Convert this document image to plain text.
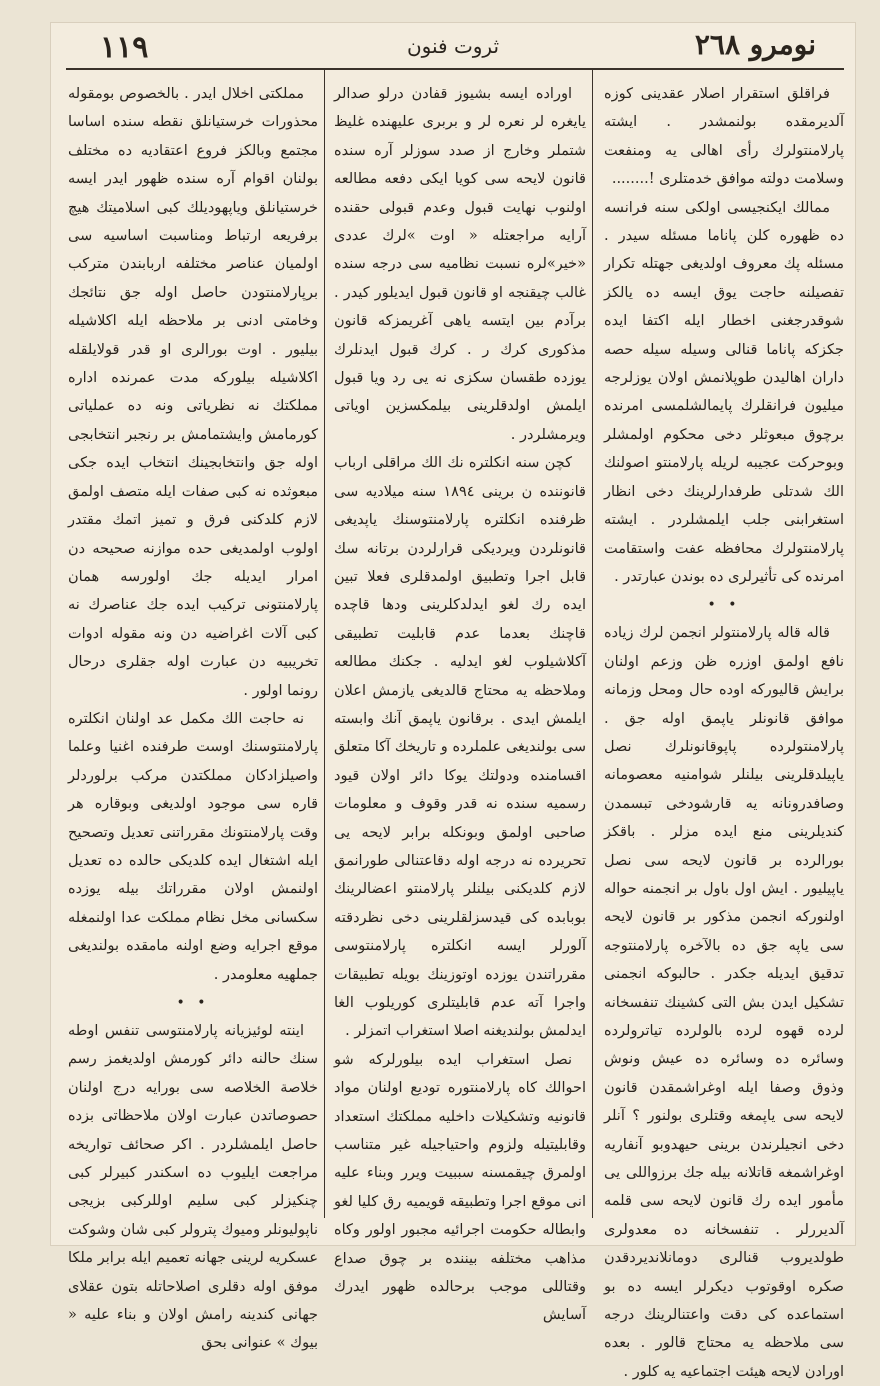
١١٩	ثروت فنون	نومرو ٢٦٨

فراقلق استقرار اصلار عقدینی کوزه آلدیرمقده بولنمشدر . ایشته پارلامنتولرك رأی اهالی یه ومنفعت وسلامت دولته موافق خدمتلری !........

ممالك ایکنجیسی اولکی سنه فرانسه ده ظهوره کلن پاناما مسئله سیدر . مسئله پك معروف اولدیغی جهتله تکرار تفصیلنه حاجت یوق ایسه ده یالکز شوقدرجغنی اخطار ایله اکتفا ایده جکزکه پاناما قنالی وسیله سیله حصه داران اهالیدن طوپلانمش اولان یوزلرجه میلیون فرانقلرك پایمالشلمسی امرنده برچوق مبعوثلر دخی محکوم اولمشلر وبوحرکت عجیبه لریله پارلامنتو اصولنك الك شدتلی طرفدارلرینك دخی انظار استغرابنی جلب ایلمشلردر . ایشته پارلامنتولرك محافظه عفت واستقامت امرنده کی تأثیرلری ده بوندن عبارتدر .

• •

قاله قاله پارلامنتولر انجمن لرك زیاده نافع اولمق اوزره ظن وزعم اولنان برایش قالیورکه اوده حال ومحل وزمانه موافق قانونلر یاپمق اوله جق . پارلامنتولرده پاپوقانونلرك نصل یاپیلدقلرینی بیلنلر شوامنیه معصومانه وصافدرونانه یه قارشودخی تبسمدن کندیلرینی منع ایده مزلر . باقکز بورالرده بر قانون لایحه سی نصل یاپیلیور . ایش اول باول بر انجمنه حواله اولنورکه انجمن مذکور بر قانون لایحه سی یاپه جق ده بالآخره پارلامنتوجه تدقیق ایدیله جکدر . حالبوکه انجمنی تشکیل ایدن بش التی کشینك تنفسخانه لرده قهوه لرده بالولرده تیاترولرده وسائره ده وسائره ده عیش ونوش وذوق وصفا ایله اوغراشمقدن قانون لایحه سی یاپمغه وقتلری بولنور ؟ آنلر دخی انجیلرندن برینی حیهدوبو آنفاریه اوغراشمغه قاتلانه بیله جك برزواللی یی مأمور ایده رك قانون لایحه سی قلمه آلدیررلر . تنفسخانه ده معدولری طولدیروب قنالری دومانلاندیردقدن صکره اوقوتوب دیکرلر ایسه ده بو استماعده کی دقت واعتنالرینك درجه سی ملاحظه یه محتاج قالور . بعده اورادن لایحه هیئت اجتماعیه یه کلور .

اوراده ایسه بشیوز قفادن درلو صدالر یایغره لر نعره لر و بربری علیهنده غلیظ شتملر وخارج از صدد سوزلر آره سنده قانون لایحه سی کویا ایکی دفعه مطالعه اولنوب نهایت قبول وعدم قبولی حقنده آرایه مراجعتله « اوت »لرك عددی «خیر»لره نسبت نظامیه سی درجه سنده غالب چیقنجه او قانون قبول ایدیلور کیدر . برآدم بین ایتسه یاهی آغریمزکه قانون مذکوری کرك ر . کرك قبول ایدنلرك یوزده طقسان سکزی نه یی رد ویا قبول ایلمش اولدقلرینی بیلمکسزین اویاتی ویرمشلردر .

کچن سنه انکلتره نك الك مراقلی ارباب قانوننده ن برینی ١٨٩٤ سنه میلادیه سی ظرفنده انکلتره پارلامنتوسنك یاپدیغی قانونلردن ویردیکی قرارلردن برتانه سك قابل اجرا وتطبیق اولمدقلری فعلا تبین ایده رك لغو ایدلدکلرینی ودها قاچده قاچنك بعدما عدم قابلیت تطبیقی آکلاشیلوب لغو ایدلیه . جکنك مطالعه وملاحظه یه محتاج قالدیغی یازمش اعلان ایلمش ایدی . برقانون یاپمق آنك وابسته سی بولندیغی علملرده و تاریخك آکا متعلق اقسامنده ودولتك یوکا دائر اولان قیود رسمیه سنده نه قدر وقوف و معلومات صاحبی اولمق وبونکله برابر لایحه یی تحریرده نه درجه اوله دقاعتنالی طورانمق لازم کلدیکنی بیلنلر پارلامنتو اعضالرینك بوبابده کی قیدسزلقلرینی دخی نظردقته آلورلر ایسه انکلتره پارلامنتوسی مقرراتندن یوزده اوتوزینك بویله تطبیقات واجرا آته عدم قابلیتلری کوریلوب الغا ایدلمش بولندیغنه اصلا استغراب اتمزلر .

نصل استغراب ایده بیلورلرکه شو احوالك کاه پارلامنتوره تودیع اولنان مواد قانونیه وتشکیلات داخلیه مملکتك استعداد وقابلیتیله ولزوم واحتیاجیله غیر متناسب اولمرق چیقمسنه سببیت ویرر وبناء علیه انی موقع اجرا وتطبیقه قویمیه رق کلیا لغو وابطاله حکومت اجرائیه مجبور اولور وکاه مذاهب مختلفه بیننده بر چوق صداع وقتاللی موجب برحالده ظهور ایدرك آسایش

مملکتی اخلال ایدر . بالخصوص بومقوله محذورات خرستیانلق نقطه سنده اساسا مجتمع وبالکز فروع اعتقادیه ده مختلف بولنان اقوام آره سنده ظهور ایدر ایسه خرستیانلق ویاپهودیلك کبی اسلامیتك هیچ برفریعه ارتباط ومناسبت اساسیه سی اولمیان عناصر مختلفه اربابندن مترکب برپارلامنتودن حاصل اوله جق نتائجك وخامتی ادنی بر ملاحظه ایله اکلاشیله بیلیور . اوت بورالری او قدر قولایلقله اکلاشیله بیلورکه مدت عمرنده اداره مملکتك نه نظریاتی ونه ده عملیاتی کورمامش وایشتمامش بر رنجبر انتخابجی اوله جق وانتخابجینك انتخاب ایده جکی مبعوثده نه کبی صفات ایله متصف اولمق لازم کلدکنی فرق و تمیز اتمك مقتدر اولوب اولمدیغی حده موازنه صحیحه دن امرار ایدیله جك اولورسه همان پارلامنتونی ترکیب ایده جك عناصرك نه کبی آلات اغراضیه دن ونه مقوله ادوات تخریبیه دن عبارت اوله جقلری درحال رونما اولور .

نه حاجت الك مکمل عد اولنان انکلتره پارلامنتوسنك اوست طرفنده اغنیا وعلما واصیلزادکان مملکتدن مرکب برلوردلر قاره سی موجود اولدیغی وبوقاره هر وقت پارلامنتونك مقرراتنی تعدیل وتصحیح ایله اشتغال ایده کلدیکی حالده ده تعدیل اولنمش اولان مقرراتك بیله یوزده سکسانی مخل نظام مملکت عدا اولنمغله موقع اجرایه وضع اولنه مامقده بولندیغی جملهیه معلومدر .

• •

اینته لوئیزیانه پارلامنتوسی تنفس اوطه سنك حالنه دائر کورمش اولدیغمز رسم خلاصة الخلاصه سی بورایه درج اولنان حصوصاتدن عبارت اولان ملاحظاتی بزده حاصل ایلمشلردر . اکر صحائف تواریخه مراجعت ایلیوب ده اسکندر کبیرلر کبی چنکیزلر کبی سلیم اوللرکبی بزیجی ناپولیونلر ومیوك پترولر کبی شان وشوکت عسکریه لرینی جهانه تعمیم ایله برابر ملکا موفق اوله دقلری اصلاحاتله بتون عقلای جهانی کندینه رامش اولان و بناء علیه « بیوك » عنوانی بحق
